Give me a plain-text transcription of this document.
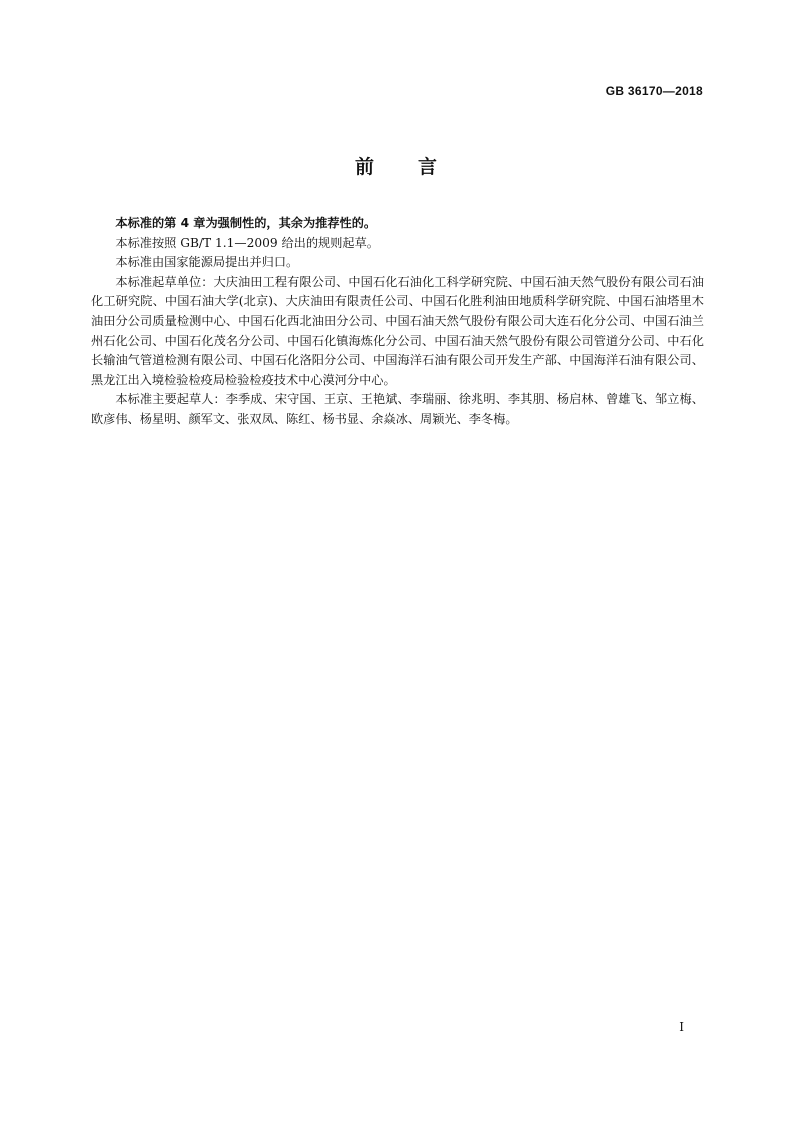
GB 36170—2018
前　　言

本标准的第 4 章为强制性的，其余为推荐性的。

本标准按照 GB/T 1.1—2009 给出的规则起草。

本标准由国家能源局提出并归口。

本标准起草单位：大庆油田工程有限公司、中国石化石油化工科学研究院、中国石油天然气股份有限公司石油化工研究院、中国石油大学(北京)、大庆油田有限责任公司、中国石化胜利油田地质科学研究院、中国石油塔里木油田分公司质量检测中心、中国石化西北油田分公司、中国石油天然气股份有限公司大连石化分公司、中国石油兰州石化公司、中国石化茂名分公司、中国石化镇海炼化分公司、中国石油天然气股份有限公司管道分公司、中石化长输油气管道检测有限公司、中国石化洛阳分公司、中国海洋石油有限公司开发生产部、中国海洋石油有限公司、黑龙江出入境检验检疫局检验检疫技术中心漠河分中心。

本标准主要起草人：李季成、宋守国、王京、王艳斌、李瑞丽、徐兆明、李其朋、杨启林、曾雄飞、邹立梅、欧彦伟、杨星明、颜军文、张双凤、陈红、杨书显、余焱冰、周颖光、李冬梅。

I
